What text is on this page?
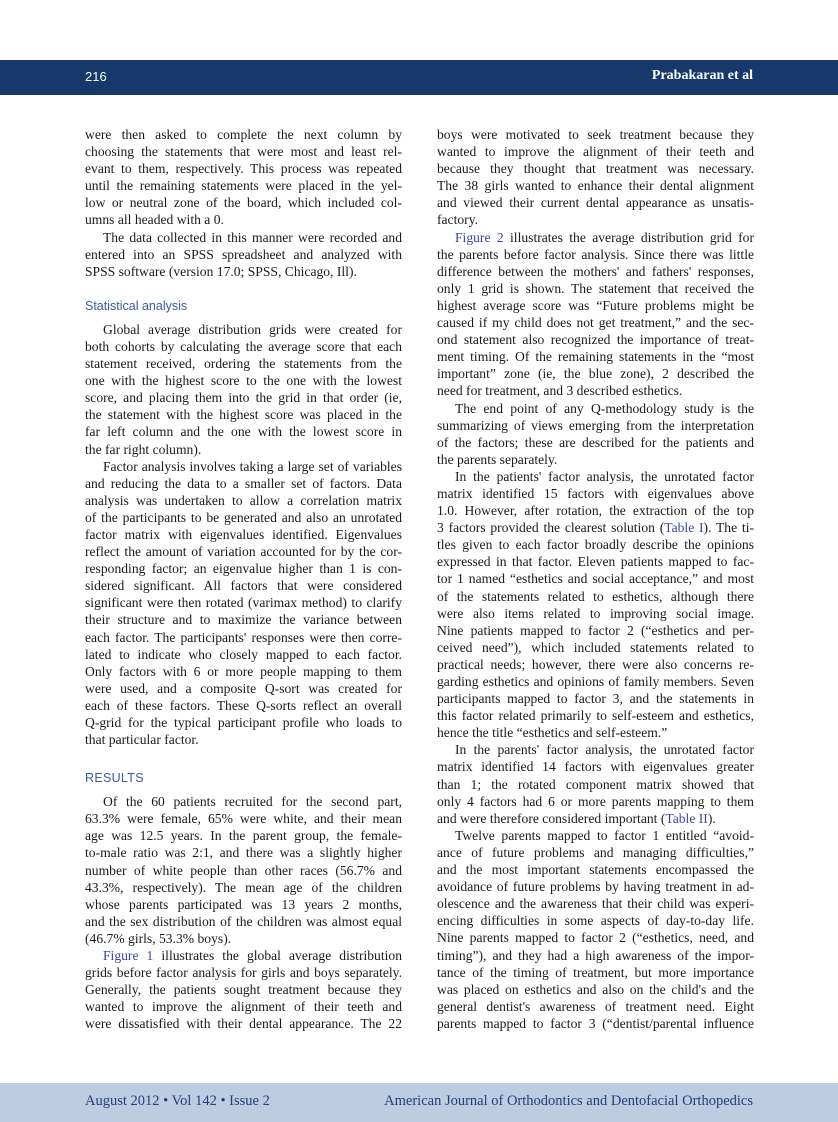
216	Prabakaran et al
were then asked to complete the next column by
choosing the statements that were most and least rel-
evant to them, respectively. This process was repeated
until the remaining statements were placed in the yel-
low or neutral zone of the board, which included col-
umns all headed with a 0.
The data collected in this manner were recorded and
entered into an SPSS spreadsheet and analyzed with
SPSS software (version 17.0; SPSS, Chicago, Ill).
Statistical analysis
Global average distribution grids were created for
both cohorts by calculating the average score that each
statement received, ordering the statements from the
one with the highest score to the one with the lowest
score, and placing them into the grid in that order (ie,
the statement with the highest score was placed in the
far left column and the one with the lowest score in
the far right column).
Factor analysis involves taking a large set of variables
and reducing the data to a smaller set of factors. Data
analysis was undertaken to allow a correlation matrix
of the participants to be generated and also an unrotated
factor matrix with eigenvalues identified. Eigenvalues
reflect the amount of variation accounted for by the cor-
responding factor; an eigenvalue higher than 1 is con-
sidered significant. All factors that were considered
significant were then rotated (varimax method) to clarify
their structure and to maximize the variance between
each factor. The participants' responses were then corre-
lated to indicate who closely mapped to each factor.
Only factors with 6 or more people mapping to them
were used, and a composite Q-sort was created for
each of these factors. These Q-sorts reflect an overall
Q-grid for the typical participant profile who loads to
that particular factor.
RESULTS
Of the 60 patients recruited for the second part,
63.3% were female, 65% were white, and their mean
age was 12.5 years. In the parent group, the female-
to-male ratio was 2:1, and there was a slightly higher
number of white people than other races (56.7% and
43.3%, respectively). The mean age of the children
whose parents participated was 13 years 2 months,
and the sex distribution of the children was almost equal
(46.7% girls, 53.3% boys).
Figure 1 illustrates the global average distribution
grids before factor analysis for girls and boys separately.
Generally, the patients sought treatment because they
wanted to improve the alignment of their teeth and
were dissatisfied with their dental appearance. The 22
boys were motivated to seek treatment because they
wanted to improve the alignment of their teeth and
because they thought that treatment was necessary.
The 38 girls wanted to enhance their dental alignment
and viewed their current dental appearance as unsatis-
factory.
Figure 2 illustrates the average distribution grid for
the parents before factor analysis. Since there was little
difference between the mothers' and fathers' responses,
only 1 grid is shown. The statement that received the
highest average score was “Future problems might be
caused if my child does not get treatment,” and the sec-
ond statement also recognized the importance of treat-
ment timing. Of the remaining statements in the “most
important” zone (ie, the blue zone), 2 described the
need for treatment, and 3 described esthetics.
The end point of any Q-methodology study is the
summarizing of views emerging from the interpretation
of the factors; these are described for the patients and
the parents separately.
In the patients' factor analysis, the unrotated factor
matrix identified 15 factors with eigenvalues above
1.0. However, after rotation, the extraction of the top
3 factors provided the clearest solution (Table I). The ti-
tles given to each factor broadly describe the opinions
expressed in that factor. Eleven patients mapped to fac-
tor 1 named “esthetics and social acceptance,” and most
of the statements related to esthetics, although there
were also items related to improving social image.
Nine patients mapped to factor 2 (“esthetics and per-
ceived need”), which included statements related to
practical needs; however, there were also concerns re-
garding esthetics and opinions of family members. Seven
participants mapped to factor 3, and the statements in
this factor related primarily to self-esteem and esthetics,
hence the title “esthetics and self-esteem.”
In the parents' factor analysis, the unrotated factor
matrix identified 14 factors with eigenvalues greater
than 1; the rotated component matrix showed that
only 4 factors had 6 or more parents mapping to them
and were therefore considered important (Table II).
Twelve parents mapped to factor 1 entitled “avoid-
ance of future problems and managing difficulties,”
and the most important statements encompassed the
avoidance of future problems by having treatment in ad-
olescence and the awareness that their child was experi-
encing difficulties in some aspects of day-to-day life.
Nine parents mapped to factor 2 (“esthetics, need, and
timing”), and they had a high awareness of the impor-
tance of the timing of treatment, but more importance
was placed on esthetics and also on the child's and the
general dentist's awareness of treatment need. Eight
parents mapped to factor 3 (“dentist/parental influence
August 2012 • Vol 142 • Issue 2	American Journal of Orthodontics and Dentofacial Orthopedics
